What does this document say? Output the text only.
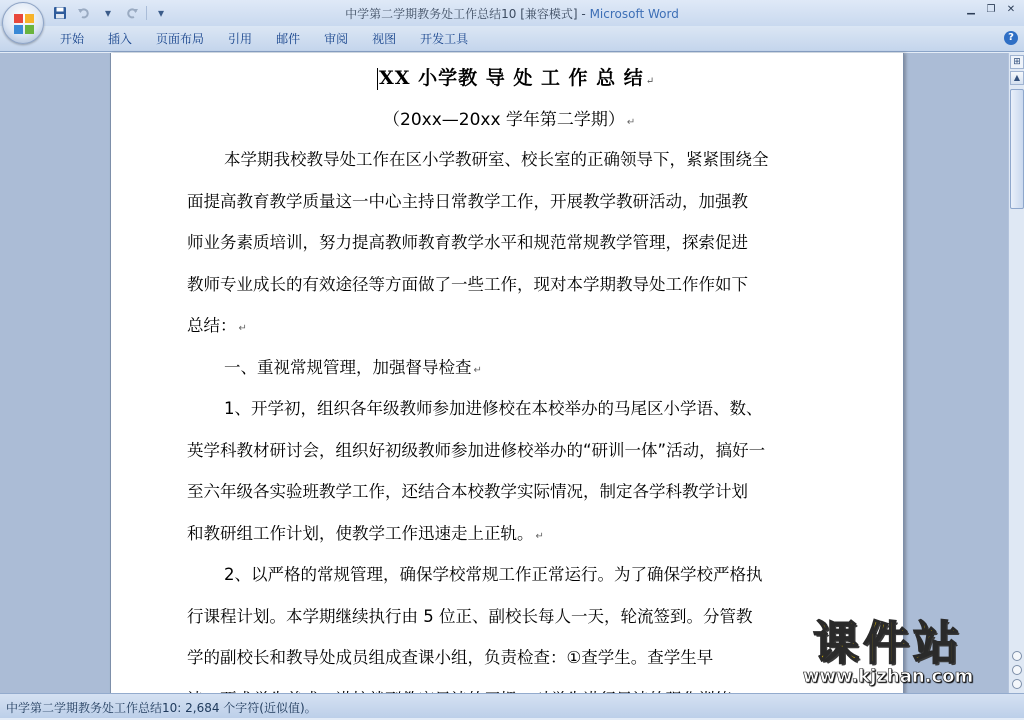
▾	▾	中学第二学期教务处工作总结10 [兼容模式] - Microsoft Word	▁	❐	✕
开始	插入	页面布局	引用	邮件	审阅	视图	开发工具	?
XX 小学教 导 处 工 作 总 结 ↵
（20xx—20xx 学年第二学期） ↵
本学期我校教导处工作在区小学教研室、校长室的正确领导下，紧紧围绕全
面提高教育教学质量这一中心主持日常教学工作，开展教学教研活动，加强教
师业务素质培训，努力提高教师教育教学水平和规范常规教学管理，探索促进
教师专业成长的有效途径等方面做了一些工作，现对本学期教导处工作作如下
总结： ↵
一、重视常规管理，加强督导检查 ↵
1、开学初，组织各年级教师参加进修校在本校举办的马尾区小学语、数、
英学科教材研讨会，组织好初级教师参加进修校举办的“研训一体”活动，搞好一
至六年级各实验班教学工作，还结合本校教学实际情况，制定各学科教学计划
和教研组工作计划，使教学工作迅速走上正轨。 ↵
2、以严格的常规管理，确保学校常规工作正常运行。为了确保学校严格执
行课程计划。本学期继续执行由 5 位正、副校长每人一天，轮流签到。分管教
学的副校长和教导处成员组成查课小组，负责检查：①查学生。查学生早
⊞
▲
中学第二学期教务处工作总结10: 2,684 个字符(近似值)。
课件站
www.kjzhan.com
